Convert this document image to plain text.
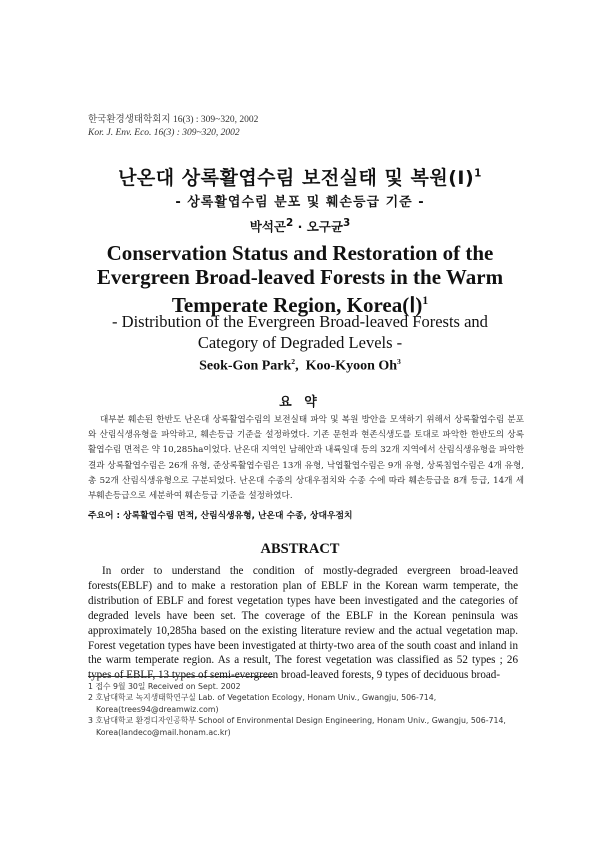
한국환경생태학회지 16(3) : 309~320, 2002
Kor. J. Env. Eco. 16(3) : 309~320, 2002
난온대 상록활엽수림 보전실태 및 복원(Ⅰ)$^1$
- 상록활엽수림 분포 및 훼손등급 기준 -
박석곤$^2$ · 오구균$^3$
Conservation Status and Restoration of the
Evergreen Broad-leaved Forests in the Warm
Temperate Region, Korea(Ⅰ)$^1$
- Distribution of the Evergreen Broad-leaved Forests and
Category of Degraded Levels -
Seok-Gon Park$^2$,  Koo-Kyoon Oh$^3$
요 약
대부분 훼손된 한반도 난온대 상록활엽수림의 보전실태 파악 및 복원 방안을 모색하기 위해서 상록활엽수림 분포와 산림식생유형을 파악하고, 훼손등급 기준을 설정하였다. 기존 문헌과 현존식생도를 토대로 파악한 한반도의 상록활엽수림 면적은 약 10,285ha이었다. 난온대 지역인 남해안과 내륙일대 등의 32개 지역에서 산림식생유형을 파악한 결과 상록활엽수림은 26개 유형, 준상록활엽수림은 13개 유형, 낙엽활엽수림은 9개 유형, 상록침엽수림은 4개 유형, 총 52개 산림식생유형으로 구분되었다. 난온대 수종의 상대우점치와 수종 수에 따라 훼손등급을 8개 등급, 14개 세부훼손등급으로 세분하여 훼손등급 기준을 설정하였다.
주요어 : 상록활엽수림 면적, 산림식생유형, 난온대 수종, 상대우점치
ABSTRACT

In order to understand the condition of mostly-degraded evergreen broad-leaved forests(EBLF) and to make a restoration plan of EBLF in the Korean warm temperate, the distribution of EBLF and forest vegetation types have been investigated and the categories of degraded levels have been set. The coverage of the EBLF in the Korean peninsula was approximately 10,285ha based on the existing literature review and the actual vegetation map. Forest vegetation types have been investigated at thirty-two area of the south coast and inland in the warm temperate region. As a result, The forest vegetation was classified as 52 types ; 26 types of EBLF, 13 types of semi-evergreen broad-leaved forests, 9 types of deciduous broad-

1 접수 9월 30일 Received on Sept. 2002
2 호남대학교 녹지생태학연구실 Lab. of Vegetation Ecology, Honam Univ., Gwangju, 506-714, Korea(trees94@dreamwiz.com)
3 호남대학교 환경디자인공학부 School of Environmental Design Engineering, Honam Univ., Gwangju, 506-714, Korea(landeco@mail.honam.ac.kr)
